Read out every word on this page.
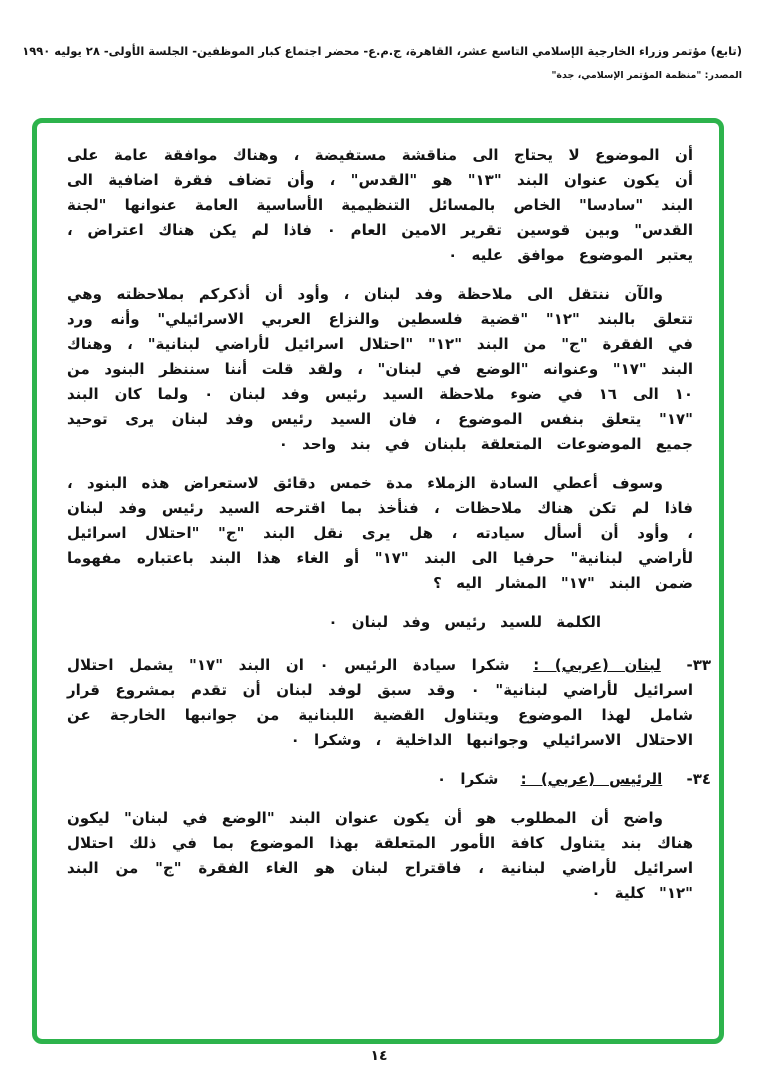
(تابع) مؤتمر وزراء الخارجية الإسلامي التاسع عشر، القاهرة، ج.م.ع- محضر اجتماع كبار الموظفين- الجلسة الأولى- ٢٨ يوليه ١٩٩٠
المصدر: "منظمة المؤتمر الإسلامي، جدة"

أن الموضوع لا يحتاج الى مناقشة مستفيضة ، وهناك موافقة عامة على أن يكون عنوان البند "١٣" هو "القدس" ، وأن تضاف فقرة اضافية الى البند "سادسا" الخاص بالمسائل التنظيمية الأساسية العامة عنوانها "لجنة القدس" وبين قوسين تقرير الامين العام ٠ فاذا لم يكن هناك اعتراض ، يعتبر الموضوع موافق عليه ٠

والآن ننتقل الى ملاحظة وفد لبنان ، وأود أن أذكركم بملاحظته وهي تتعلق بالبند "١٢" "قضية فلسطين والنزاع العربي الاسرائيلي" وأنه ورد في الفقرة "ج" من البند "١٢" "احتلال اسرائيل لأراضي لبنانية" ، وهناك البند "١٧" وعنوانه "الوضع في لبنان" ، ولقد قلت أننا سننظر البنود من ١٠ الى ١٦ في ضوء ملاحظة السيد رئيس وفد لبنان ٠ ولما كان البند "١٧" يتعلق بنفس الموضوع ، فان السيد رئيس وفد لبنان يرى توحيد جميع الموضوعات المتعلقة بلبنان في بند واحد ٠

وسوف أعطي السادة الزملاء مدة خمس دقائق لاستعراض هذه البنود ، فاذا لم تكن هناك ملاحظات ، فنأخذ بما اقترحه السيد رئيس وفد لبنان ، وأود أن أسأل سيادته ، هل يرى نقل البند "ج" "احتلال اسرائيل لأراضي لبنانية" حرفيا الى البند "١٧" أو الغاء هذا البند باعتباره مفهوما ضمن البند "١٧" المشار اليه ؟

الكلمة للسيد رئيس وفد لبنان ٠

٣٣- لبنان (عربي) : شكرا سيادة الرئيس ٠ ان البند "١٧" يشمل احتلال اسرائيل لأراضي لبنانية" ٠ وقد سبق لوفد لبنان أن تقدم بمشروع قرار شامل لهذا الموضوع ويتناول القضية اللبنانية من جوانبها الخارجة عن الاحتلال الاسرائيلي وجوانبها الداخلية ، وشكرا ٠

٣٤- الرئيس (عربي) : شكرا ٠

واضح أن المطلوب هو أن يكون عنوان البند "الوضع في لبنان" ليكون هناك بند يتناول كافة الأمور المتعلقة بهذا الموضوع بما في ذلك احتلال اسرائيل لأراضي لبنانية ، فاقتراح لبنان هو الغاء الفقرة "ج" من البند "١٢" كلية ٠

١٤
